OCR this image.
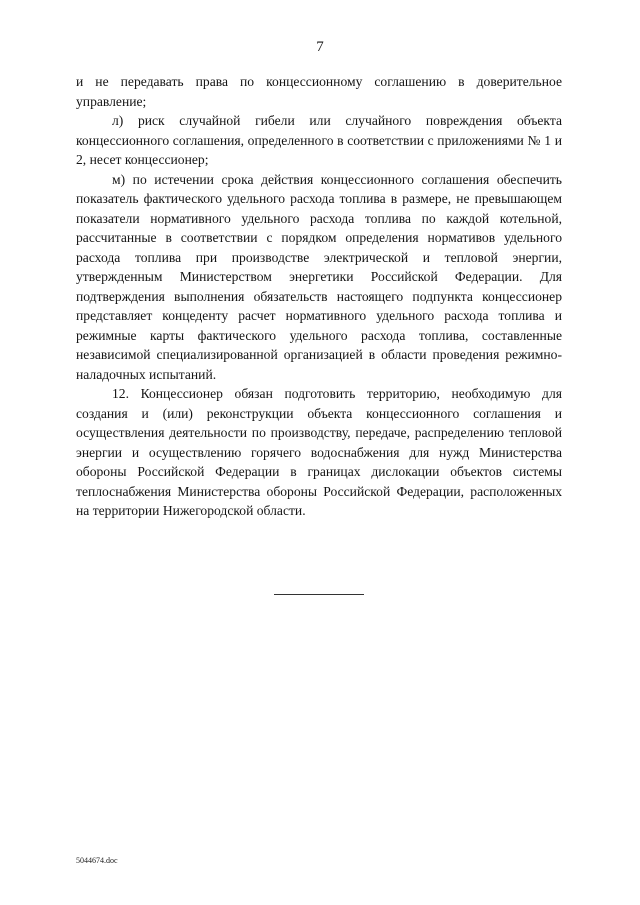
7

и не передавать права по концессионному соглашению в доверительное управление;

л) риск случайной гибели или случайного повреждения объекта концессионного соглашения, определенного в соответствии с приложениями № 1 и 2, несет концессионер;

м) по истечении срока действия концессионного соглашения обеспечить показатель фактического удельного расхода топлива в размере, не превышающем показатели нормативного удельного расхода топлива по каждой котельной, рассчитанные в соответствии с порядком определения нормативов удельного расхода топлива при производстве электрической и тепловой энергии, утвержденным Министерством энергетики Российской Федерации. Для подтверждения выполнения обязательств настоящего подпункта концессионер представляет концеденту расчет нормативного удельного расхода топлива и режимные карты фактического удельного расхода топлива, составленные независимой специализированной организацией в области проведения режимно-наладочных испытаний.

12. Концессионер обязан подготовить территорию, необходимую для создания и (или) реконструкции объекта концессионного соглашения и осуществления деятельности по производству, передаче, распределению тепловой энергии и осуществлению горячего водоснабжения для нужд Министерства обороны Российской Федерации в границах дислокации объектов системы теплоснабжения Министерства обороны Российской Федерации, расположенных на территории Нижегородской области.

5044674.doc
